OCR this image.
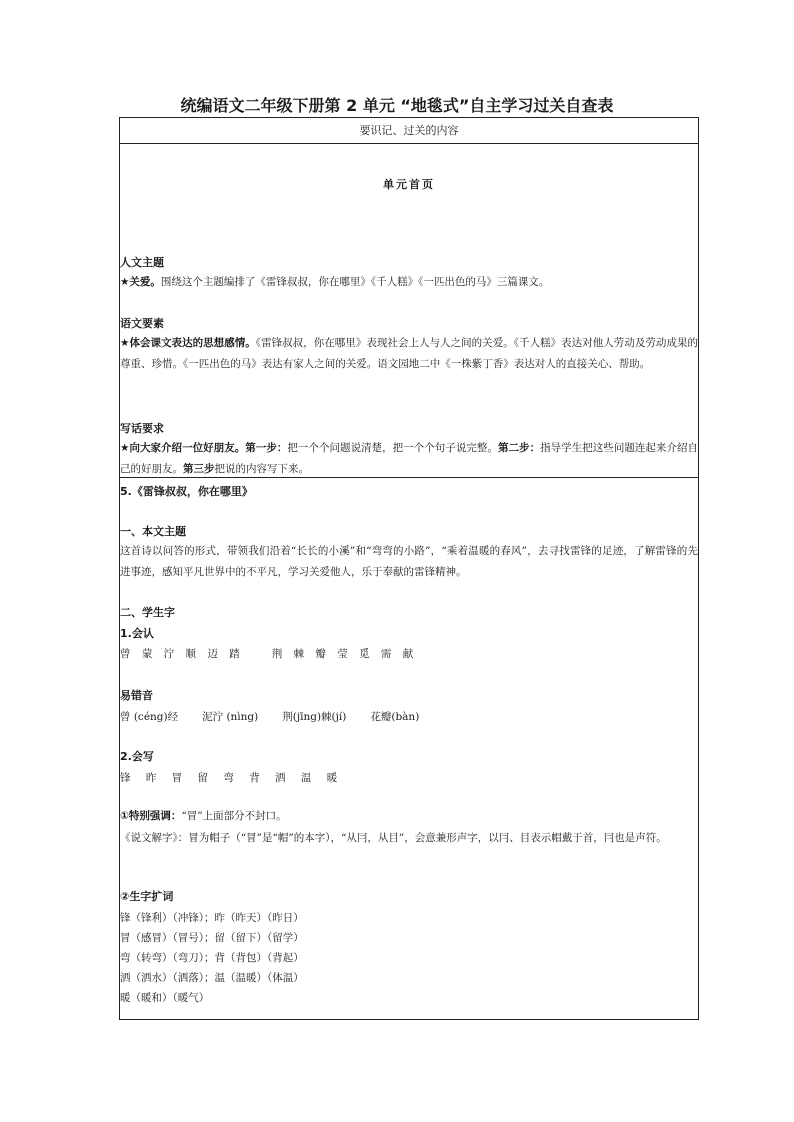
统编语文二年级下册第 2 单元 “地毯式”自主学习过关自查表
要识记、过关的内容
单元首页
人文主题
★关爱。围绕这个主题编排了《雷锋叔叔，你在哪里》《千人糕》《一匹出色的马》三篇课文。
语文要素
★体会课文表达的思想感情。《雷锋叔叔，你在哪里》表现社会上人与人之间的关爱。《千人糕》表达对他人劳动及劳动成果的尊重、珍惜。《一匹出色的马》表达有家人之间的关爱。语文园地二中《一株紫丁香》表达对人的直接关心、帮助。
写话要求
★向大家介绍一位好朋友。第一步：把一个个问题说清楚，把一个个句子说完整。第二步：指导学生把这些问题连起来介绍自己的好朋友。第三步把说的内容写下来。
5.《雷锋叔叔，你在哪里》
一、本文主题
这首诗以问答的形式，带领我们沿着“长长的小溪”和“弯弯的小路”，“乘着温暖的春风”，去寻找雷锋的足迹，了解雷锋的先进事迹，感知平凡世界中的不平凡，学习关爱他人，乐于奉献的雷锋精神。
二、学生字
1.会认
曾 蒙 泞 顺 迈 踏	荆 棘 瓣 莹 觅 需 献
易错音
曾 (céng)经 泥泞 (nìng) 荆(jīng)棘(jí) 花瓣(bàn)
2.会写
锋 昨 冒 留 弯 背 洒 温 暖
①特别强调：“冒”上面部分不封口。
《说文解字》：冒为帽子（“冒”是“帽”的本字），“从冃，从目”，会意兼形声字，以冃、目表示帽戴于首，冃也是声符。
②生字扩词
锋（锋利）（冲锋）；昨（昨天）（昨日）
冒（感冒）（冒号）；留（留下）（留学）
弯（转弯）（弯刀）；背（背包）（背起）
洒（洒水）（洒落）；温（温暖）（体温）
暖（暖和）（暖气）
